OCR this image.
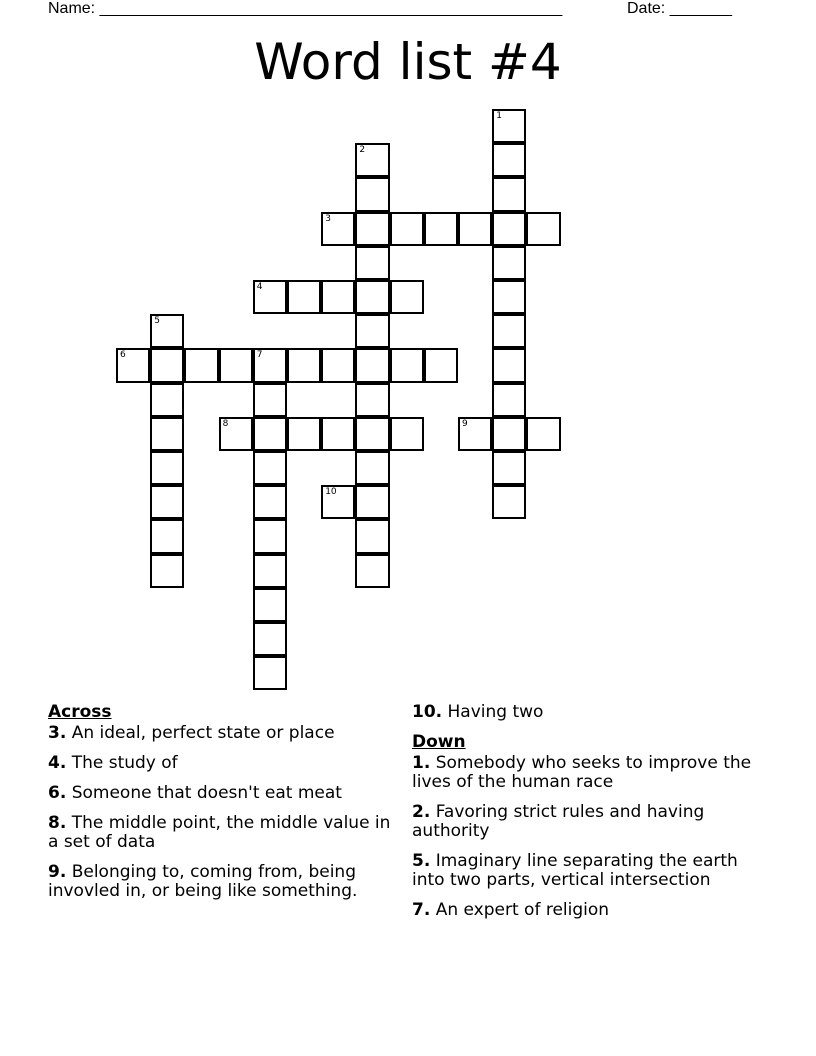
Name: ____________________________________________________	Date: _______
Word list #4
1
2
3
4
5
6	7
8	9
10
Across
3. An ideal, perfect state or place
4. The study of
6. Someone that doesn't eat meat
8. The middle point, the middle value in a set of data
9. Belonging to, coming from, being invovled in, or being like something.
10. Having two
Down
1. Somebody who seeks to improve the lives of the human race
2. Favoring strict rules and having authority
5. Imaginary line separating the earth into two parts, vertical intersection
7. An expert of religion
